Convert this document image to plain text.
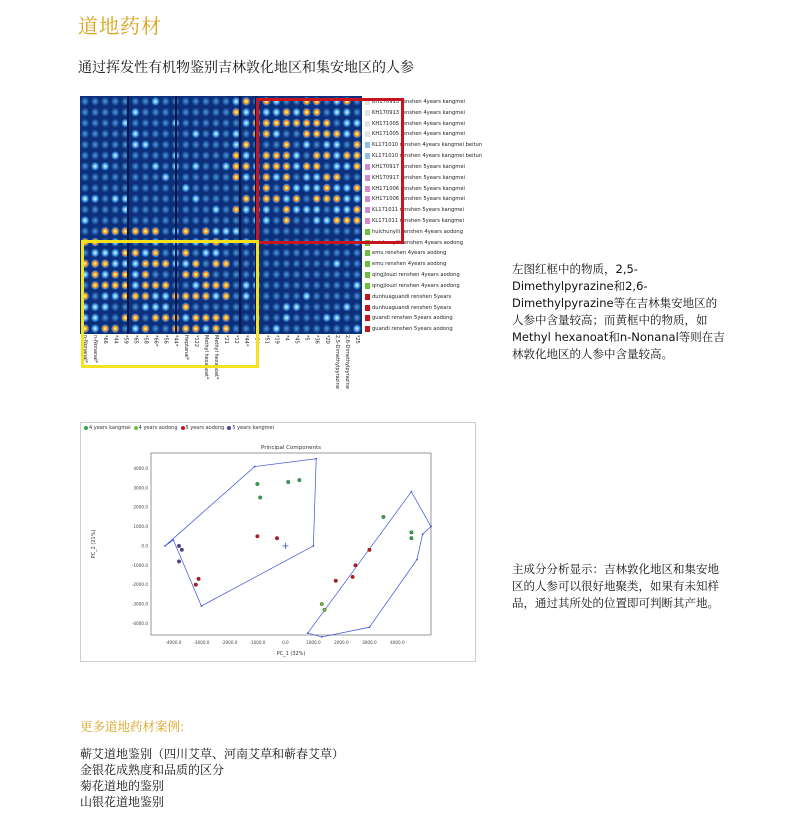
道地药材
通过挥发性有机物鉴别吉林敦化地区和集安地区的人参
KH170913 renshen 4years kangmei
KH170913 renshen 4years kangmei
KH171005 renshen 4years kangmei
KH171005 renshen 4years kangmei
KL171010 renshen 4years kangmei beitun
KL171010 renshen 4years kangmei beitun
KH170917 renshen 5years kangmei
KH170917 renshen 5years kangmei
KH171006 renshen 5years kangmei
KH171006 renshen 5years kangmei
KL171011 renshen 5years kangmei
KL171011 renshen 5years kangmei
huichunyili renshen 4years aodong
huichunyili renshen 4years aodong
emu renshen 4years aodong
emu renshen 4years aodong
qingjiouzi renshen 4years aodong
qingjiouzi renshen 4years aodong
dunhuaguandi renshen 5years
dunhuaguandi renshen 5years
guandi renshen 5years aodong
guandi renshen 5years aodong
n-Nonanal* n-Nonanal* *66 *44 *59 *65 *58 *66* *56 *44* Heptanal* *122 Methyl hexanoat* Methyl hexanoat* *21 *12 *44* *34* *51 *19 *4 *45 *5 *36 *20 2,5-Dimethylpyrazine 2,6-Dimethylpyrazine *25
左图红框中的物质，2,5-Dimethylpyrazine和2,6-Dimethylpyrazine等在吉林集安地区的人参中含量较高；而黄框中的物质，如Methyl hexanoat和n-Nonanal等则在吉林敦化地区的人参中含量较高。
4 years kangmei 4 years aodong 5 years aodong 5 years kangmei
Principal Components
PC_1 (32%)
PC_2 (21%)
-4000.0	-3000.0	-2000.0	-1000.0	0.0	1000.0	2000.0	3000.0	4000.0
4000.0
3000.0
2000.0
1000.0
0.0
-1000.0
-2000.0
-3000.0
-4000.0
主成分分析显示：吉林敦化地区和集安地区的人参可以很好地聚类，如果有未知样品，通过其所处的位置即可判断其产地。
更多道地药材案例:
蕲艾道地鉴别（四川艾草、河南艾草和蕲春艾草）
金银花成熟度和品质的区分
菊花道地的鉴别
山银花道地鉴别
